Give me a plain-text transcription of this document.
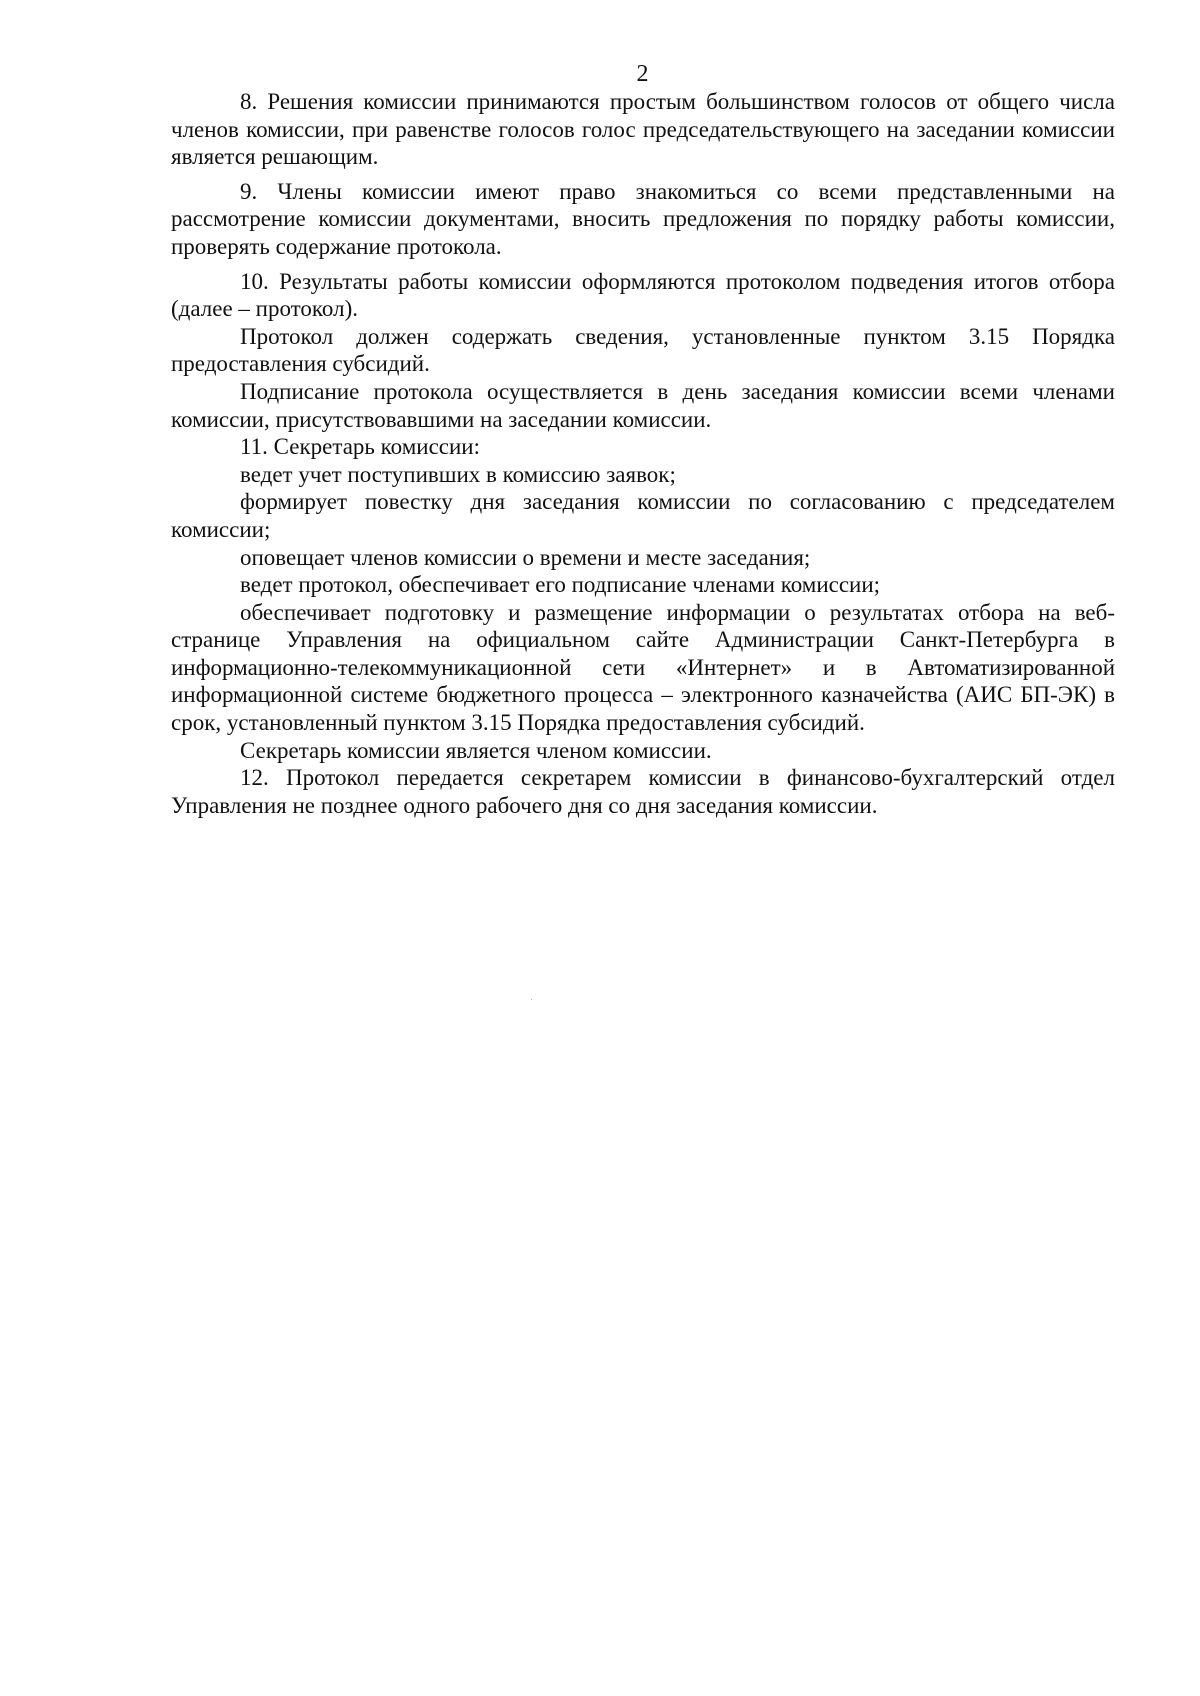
2

8. Решения комиссии принимаются простым большинством голосов от общего числа членов комиссии, при равенстве голосов голос председательствующего на заседании комиссии является решающим.

9. Члены комиссии имеют право знакомиться со всеми представленными на рассмотрение комиссии документами, вносить предложения по порядку работы комиссии, проверять содержание протокола.

10. Результаты работы комиссии оформляются протоколом подведения итогов отбора (далее – протокол).

Протокол должен содержать сведения, установленные пунктом 3.15 Порядка предоставления субсидий.

Подписание протокола осуществляется в день заседания комиссии всеми членами комиссии, присутствовавшими на заседании комиссии.

11. Секретарь комиссии:

ведет учет поступивших в комиссию заявок;

формирует повестку дня заседания комиссии по согласованию с председателем комиссии;

оповещает членов комиссии о времени и месте заседания;

ведет протокол, обеспечивает его подписание членами комиссии;

обеспечивает подготовку и размещение информации о результатах отбора на веб-странице Управления на официальном сайте Администрации Санкт-Петербурга в информационно-телекоммуникационной сети «Интернет» и в Автоматизированной информационной системе бюджетного процесса – электронного казначейства (АИС БП-ЭК) в срок, установленный пунктом 3.15 Порядка предоставления субсидий.

Секретарь комиссии является членом комиссии.

12. Протокол передается секретарем комиссии в финансово-бухгалтерский отдел Управления не позднее одного рабочего дня со дня заседания комиссии.
